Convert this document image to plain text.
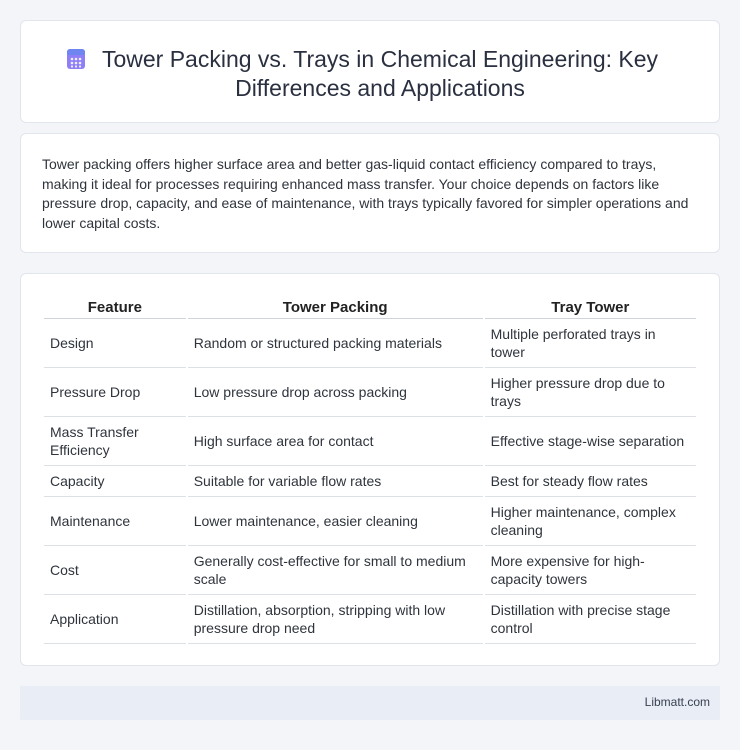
Tower Packing vs. Trays in Chemical Engineering: Key Differences and Applications

Tower packing offers higher surface area and better gas-liquid contact efficiency compared to trays, making it ideal for processes requiring enhanced mass transfer. Your choice depends on factors like pressure drop, capacity, and ease of maintenance, with trays typically favored for simpler operations and lower capital costs.

Feature	Tower Packing	Tray Tower
Design	Random or structured packing materials	Multiple perforated trays in tower
Pressure Drop	Low pressure drop across packing	Higher pressure drop due to trays
Mass Transfer Efficiency	High surface area for contact	Effective stage-wise separation
Capacity	Suitable for variable flow rates	Best for steady flow rates
Maintenance	Lower maintenance, easier cleaning	Higher maintenance, complex cleaning
Cost	Generally cost-effective for small to medium scale	More expensive for high-capacity towers
Application	Distillation, absorption, stripping with low pressure drop need	Distillation with precise stage control
Libmatt.com
